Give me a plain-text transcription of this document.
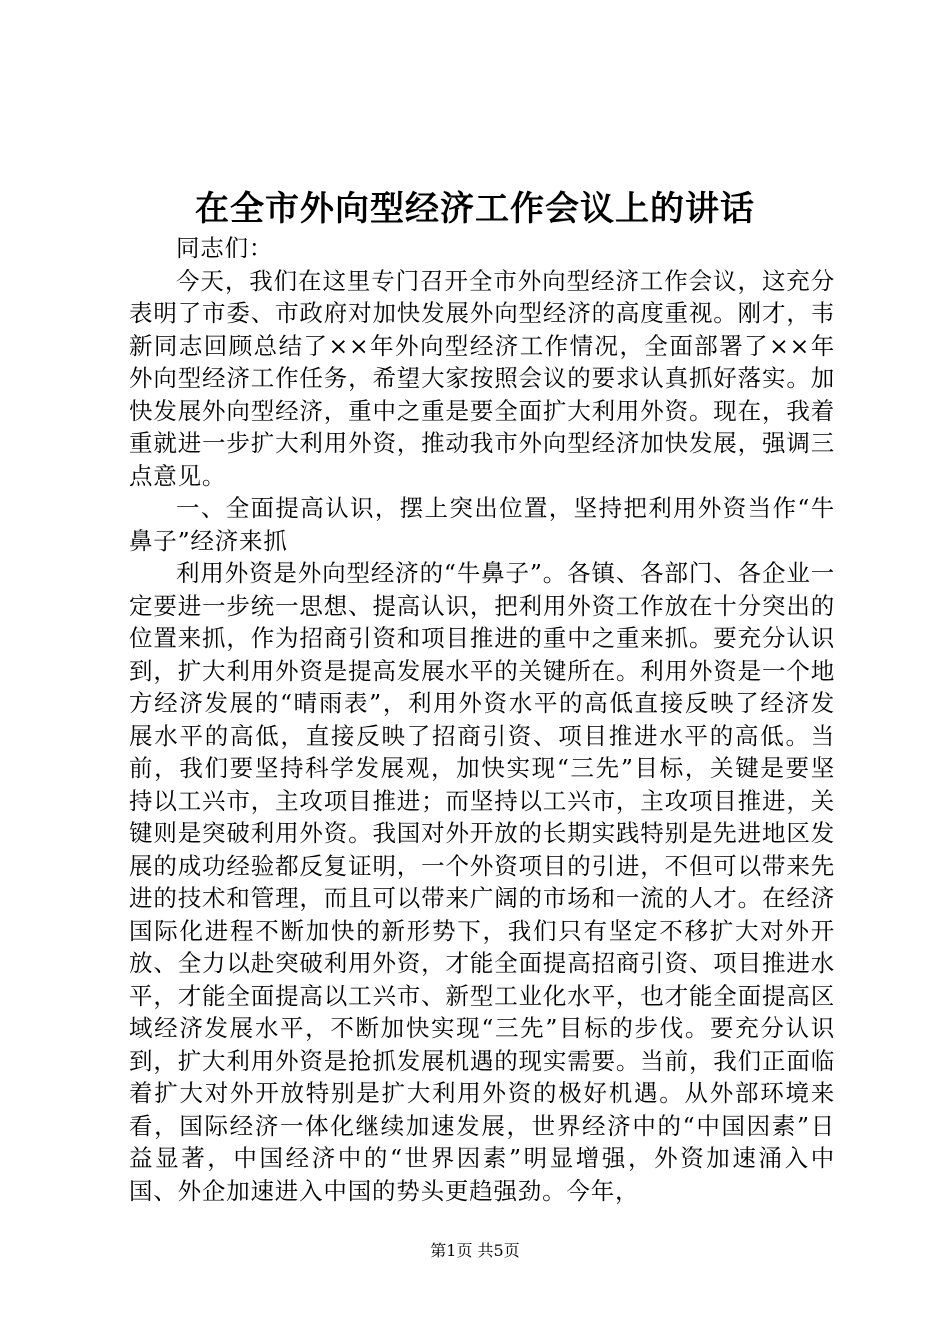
在全市外向型经济工作会议上的讲话

同志们：

今天，我们在这里专门召开全市外向型经济工作会议，这充分表明了市委、市政府对加快发展外向型经济的高度重视。刚才，韦新同志回顾总结了××年外向型经济工作情况，全面部署了××年外向型经济工作任务，希望大家按照会议的要求认真抓好落实。加快发展外向型经济，重中之重是要全面扩大利用外资。现在，我着重就进一步扩大利用外资，推动我市外向型经济加快发展，强调三点意见。

一、全面提高认识，摆上突出位置，坚持把利用外资当作“牛鼻子”经济来抓

利用外资是外向型经济的“牛鼻子”。各镇、各部门、各企业一定要进一步统一思想、提高认识，把利用外资工作放在十分突出的位置来抓，作为招商引资和项目推进的重中之重来抓。要充分认识到，扩大利用外资是提高发展水平的关键所在。利用外资是一个地方经济发展的“晴雨表”，利用外资水平的高低直接反映了经济发展水平的高低，直接反映了招商引资、项目推进水平的高低。当前，我们要坚持科学发展观，加快实现“三先”目标，关键是要坚持以工兴市，主攻项目推进；而坚持以工兴市，主攻项目推进，关键则是突破利用外资。我国对外开放的长期实践特别是先进地区发展的成功经验都反复证明，一个外资项目的引进，不但可以带来先进的技术和管理，而且可以带来广阔的市场和一流的人才。在经济国际化进程不断加快的新形势下，我们只有坚定不移扩大对外开放、全力以赴突破利用外资，才能全面提高招商引资、项目推进水平，才能全面提高以工兴市、新型工业化水平，也才能全面提高区域经济发展水平，不断加快实现“三先”目标的步伐。要充分认识到，扩大利用外资是抢抓发展机遇的现实需要。当前，我们正面临着扩大对外开放特别是扩大利用外资的极好机遇。从外部环境来看，国际经济一体化继续加速发展，世界经济中的“中国因素”日益显著，中国经济中的“世界因素”明显增强，外资加速涌入中国、外企加速进入中国的势头更趋强劲。今年，

第1页 共5页
